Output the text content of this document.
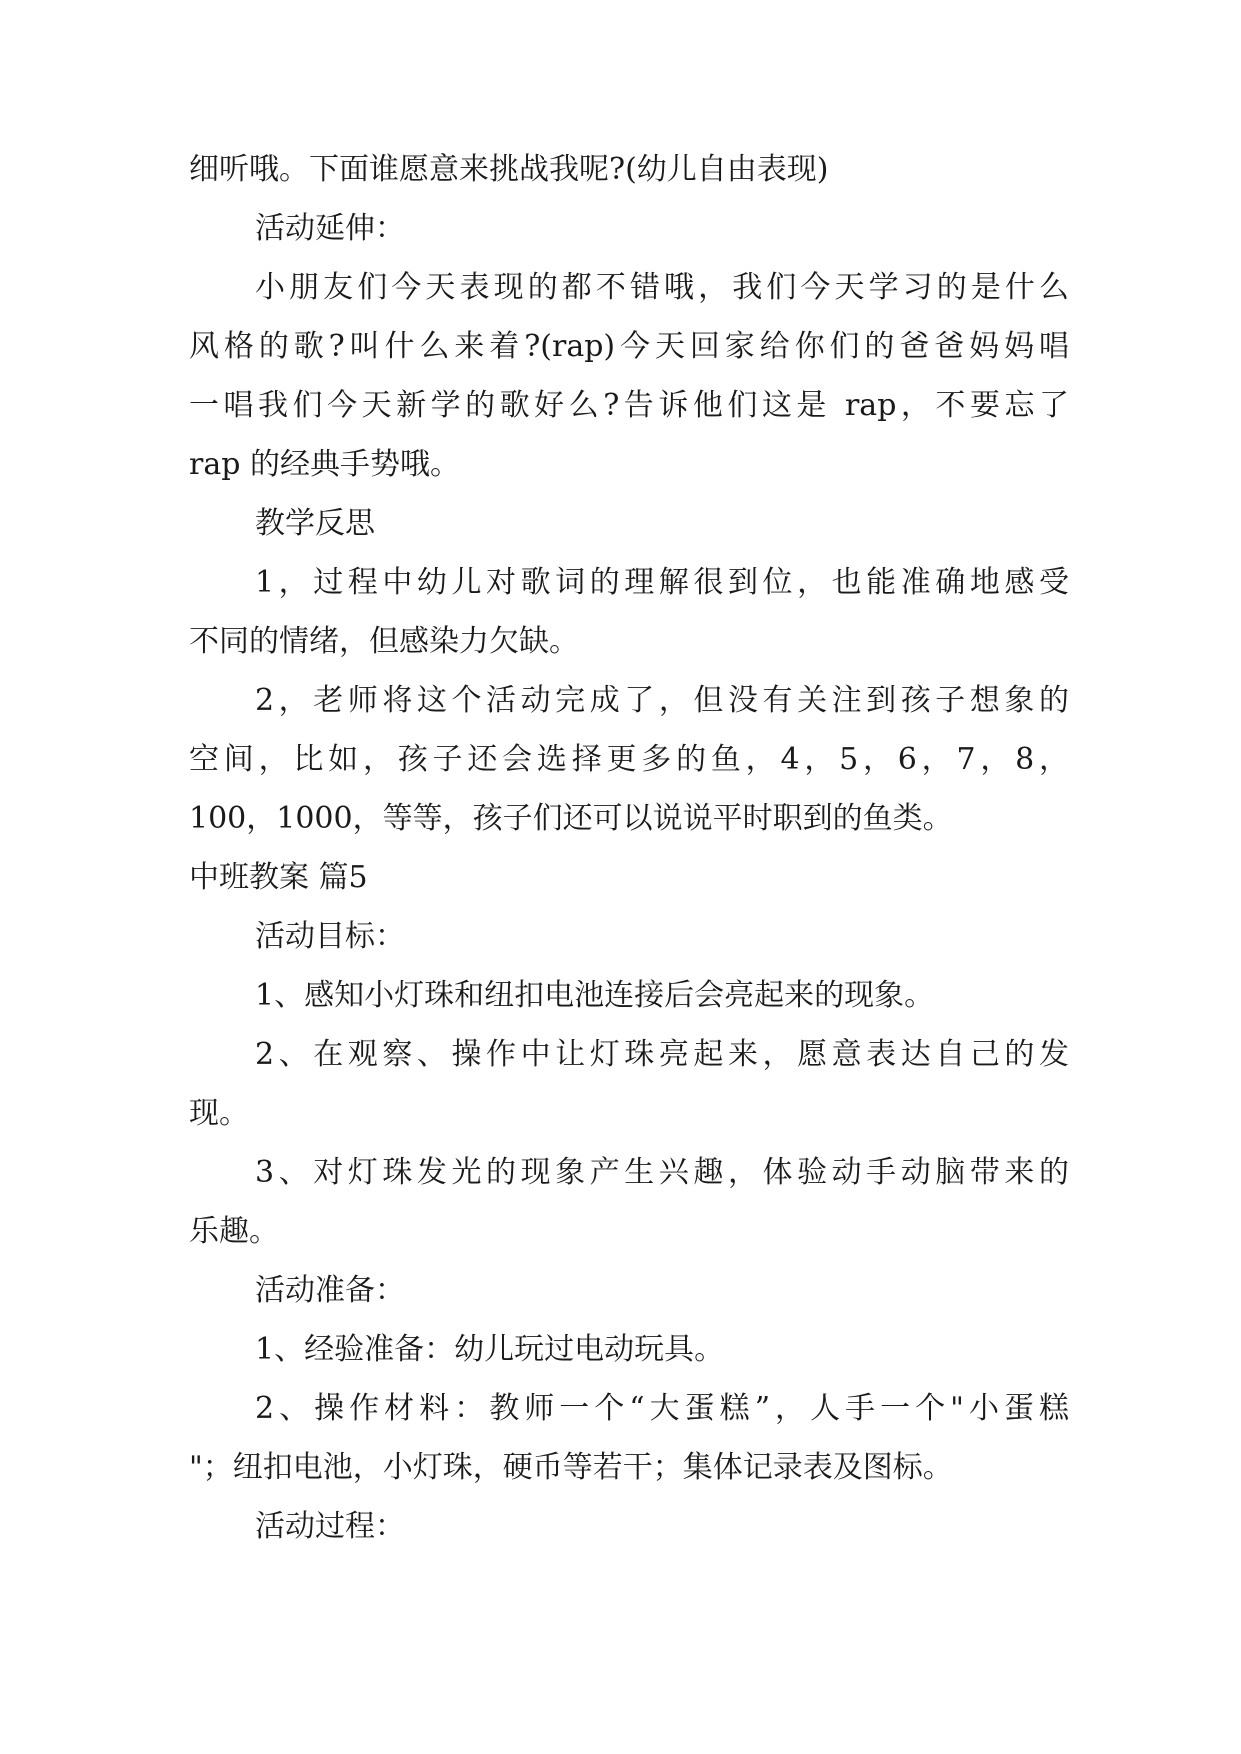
细听哦。下面谁愿意来挑战我呢?(幼儿自由表现)
活动延伸：
小朋友们今天表现的都不错哦，我们今天学习的是什么
风格的歌?叫什么来着?(rap)今天回家给你们的爸爸妈妈唱
一唱我们今天新学的歌好么?告诉他们这是 rap，不要忘了
rap 的经典手势哦。
教学反思
1，过程中幼儿对歌词的理解很到位，也能准确地感受
不同的情绪，但感染力欠缺。
2，老师将这个活动完成了，但没有关注到孩子想象的
空间，比如，孩子还会选择更多的鱼，4，5，6，7，8，
100，1000，等等，孩子们还可以说说平时职到的鱼类。
中班教案 篇5
活动目标：
1、感知小灯珠和纽扣电池连接后会亮起来的现象。
2、在观察、操作中让灯珠亮起来，愿意表达自己的发
现。
3、对灯珠发光的现象产生兴趣，体验动手动脑带来的
乐趣。
活动准备：
1、经验准备：幼儿玩过电动玩具。
2、操作材料：教师一个“大蛋糕”，人手一个"小蛋糕
"；纽扣电池，小灯珠，硬币等若干；集体记录表及图标。
活动过程：
